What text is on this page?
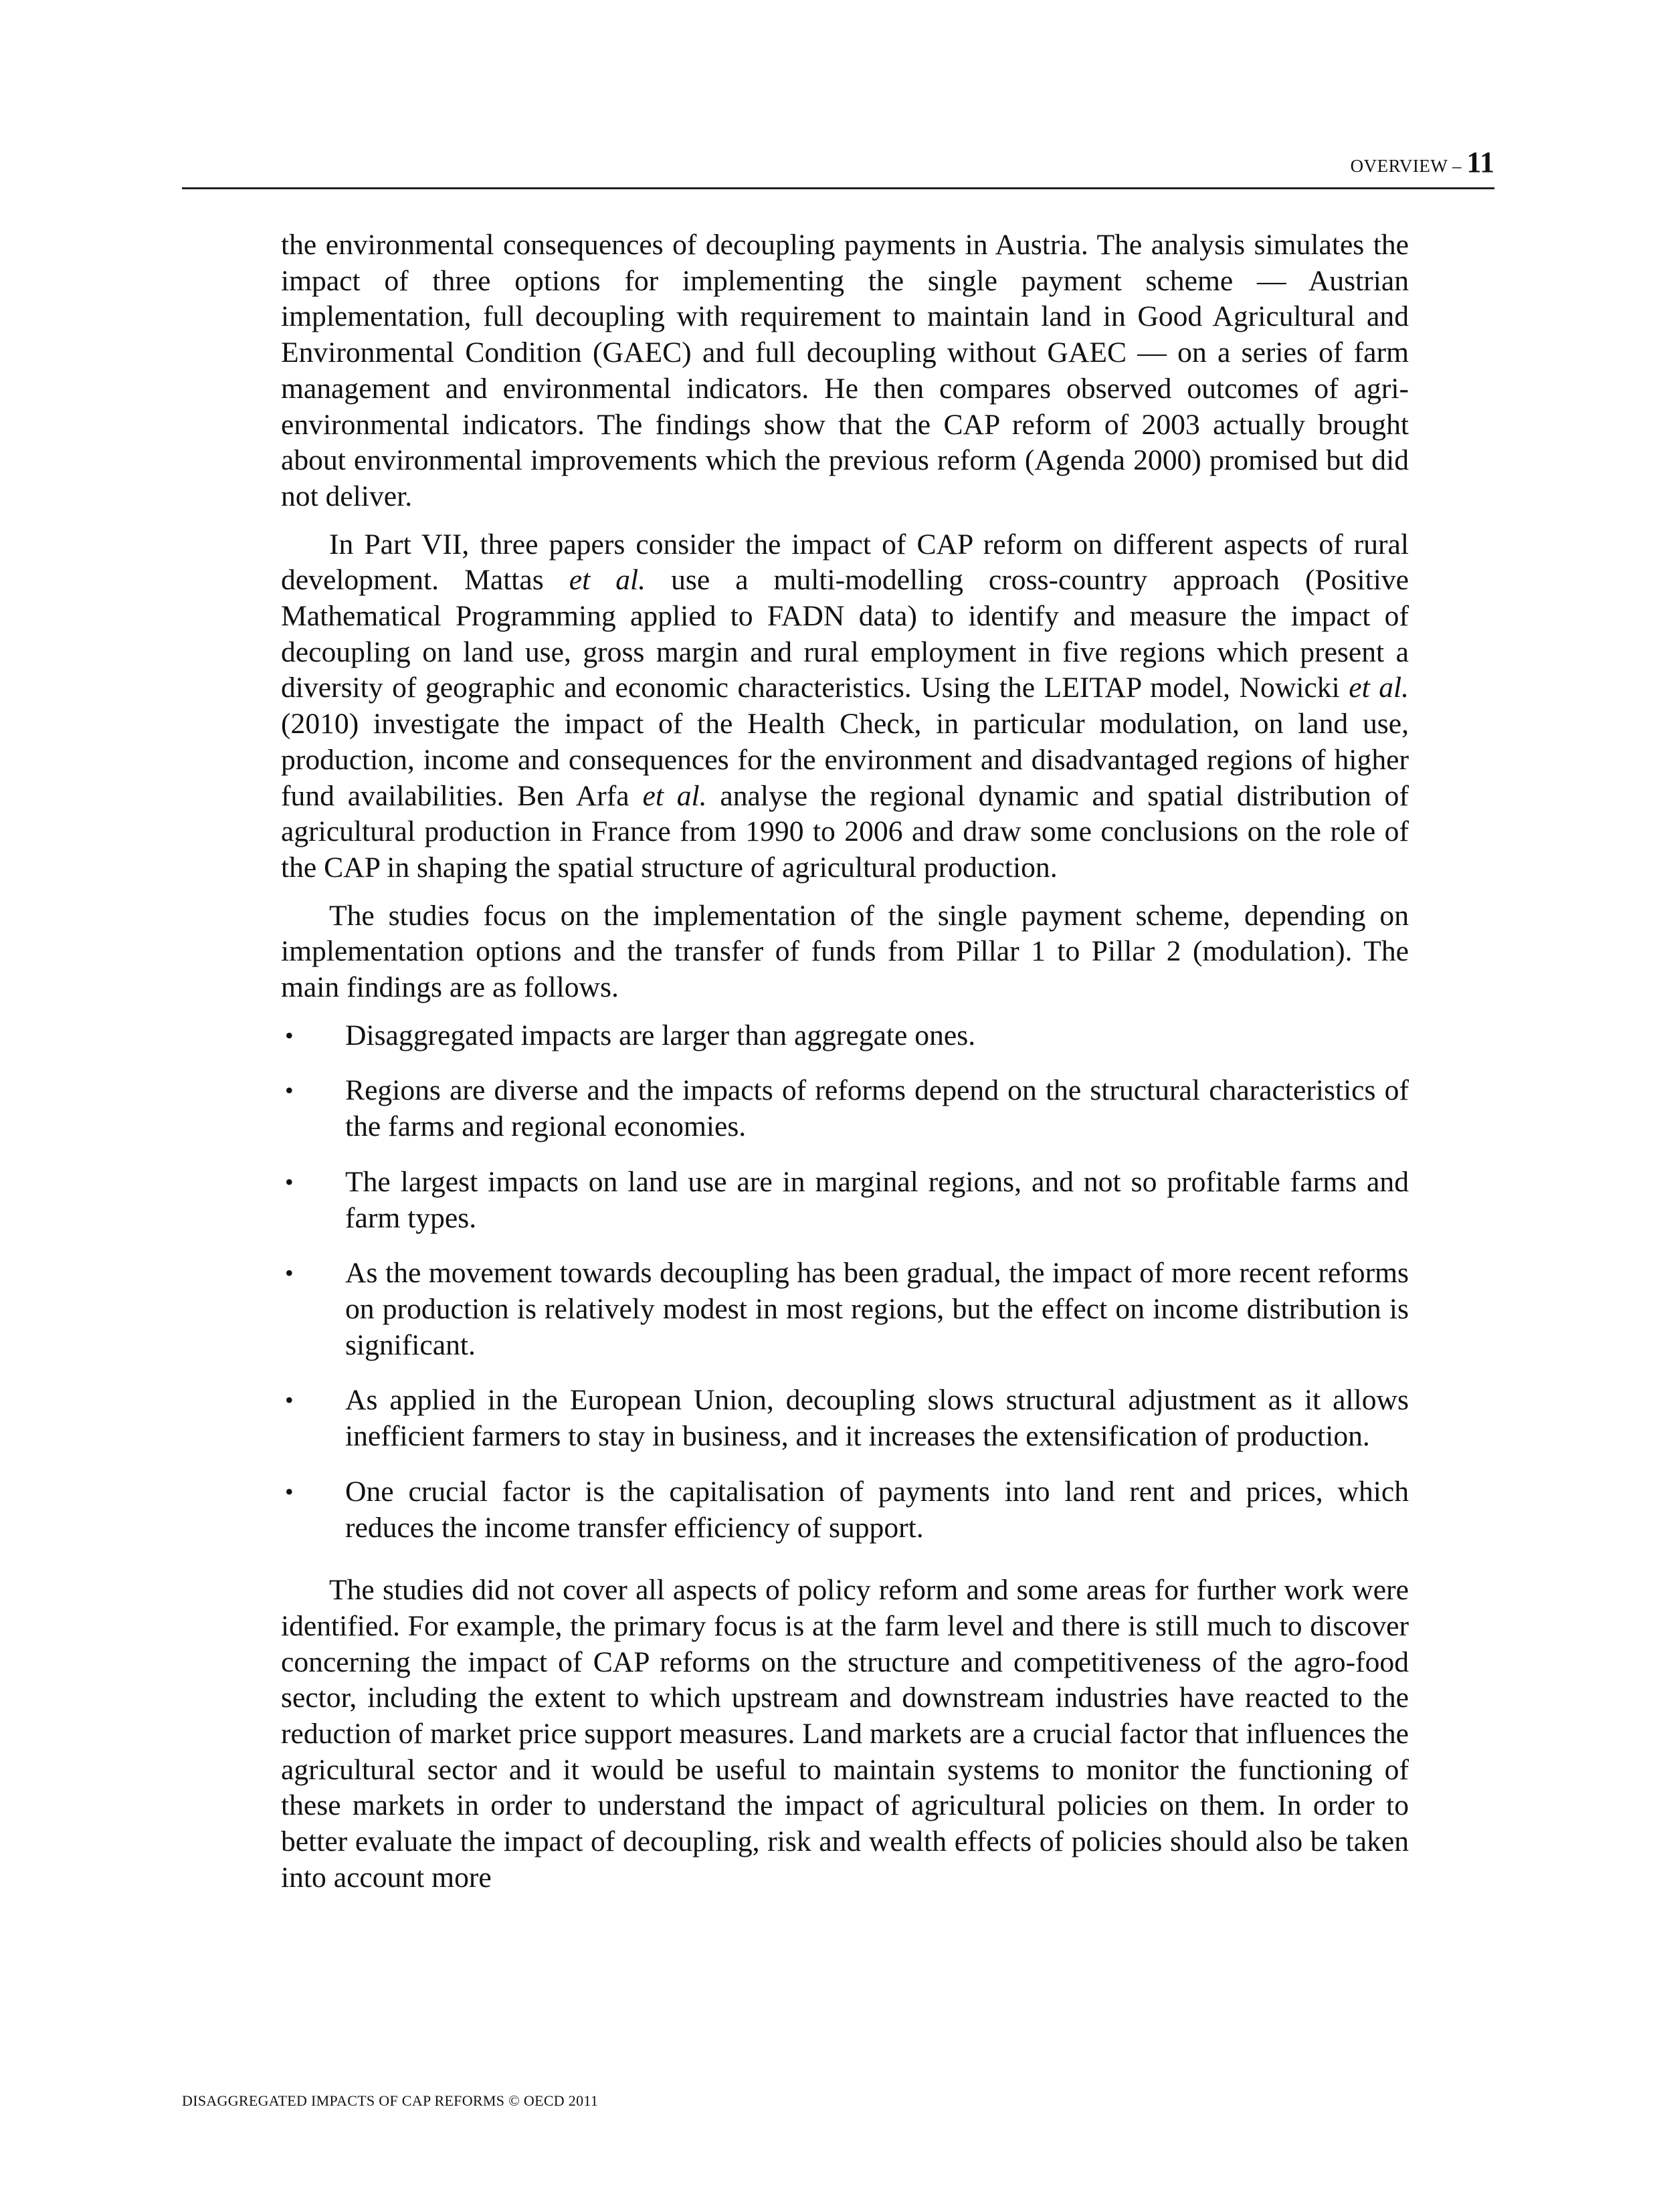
OVERVIEW – 11

the environmental consequences of decoupling payments in Austria. The analysis simulates the impact of three options for implementing the single payment scheme — Austrian implementation, full decoupling with requirement to maintain land in Good Agricultural and Environmental Condition (GAEC) and full decoupling without GAEC — on a series of farm management and environmental indicators. He then compares observed outcomes of agri-environmental indicators. The findings show that the CAP reform of 2003 actually brought about environmental improvements which the previous reform (Agenda 2000) promised but did not deliver.

In Part VII, three papers consider the impact of CAP reform on different aspects of rural development. Mattas et al. use a multi-modelling cross-country approach (Positive Mathematical Programming applied to FADN data) to identify and measure the impact of decoupling on land use, gross margin and rural employment in five regions which present a diversity of geographic and economic characteristics. Using the LEITAP model, Nowicki et al. (2010) investigate the impact of the Health Check, in particular modulation, on land use, production, income and consequences for the environment and disadvantaged regions of higher fund availabilities. Ben Arfa et al. analyse the regional dynamic and spatial distribution of agricultural production in France from 1990 to 2006 and draw some conclusions on the role of the CAP in shaping the spatial structure of agricultural production.

The studies focus on the implementation of the single payment scheme, depending on implementation options and the transfer of funds from Pillar 1 to Pillar 2 (modulation). The main findings are as follows.

• Disaggregated impacts are larger than aggregate ones.
• Regions are diverse and the impacts of reforms depend on the structural characteristics of the farms and regional economies.
• The largest impacts on land use are in marginal regions, and not so profitable farms and farm types.
• As the movement towards decoupling has been gradual, the impact of more recent reforms on production is relatively modest in most regions, but the effect on income distribution is significant.
• As applied in the European Union, decoupling slows structural adjustment as it allows inefficient farmers to stay in business, and it increases the extensification of production.
• One crucial factor is the capitalisation of payments into land rent and prices, which reduces the income transfer efficiency of support.

The studies did not cover all aspects of policy reform and some areas for further work were identified. For example, the primary focus is at the farm level and there is still much to discover concerning the impact of CAP reforms on the structure and competitiveness of the agro-food sector, including the extent to which upstream and downstream industries have reacted to the reduction of market price support measures. Land markets are a crucial factor that influences the agricultural sector and it would be useful to maintain systems to monitor the functioning of these markets in order to understand the impact of agricultural policies on them. In order to better evaluate the impact of decoupling, risk and wealth effects of policies should also be taken into account more

DISAGGREGATED IMPACTS OF CAP REFORMS © OECD 2011
